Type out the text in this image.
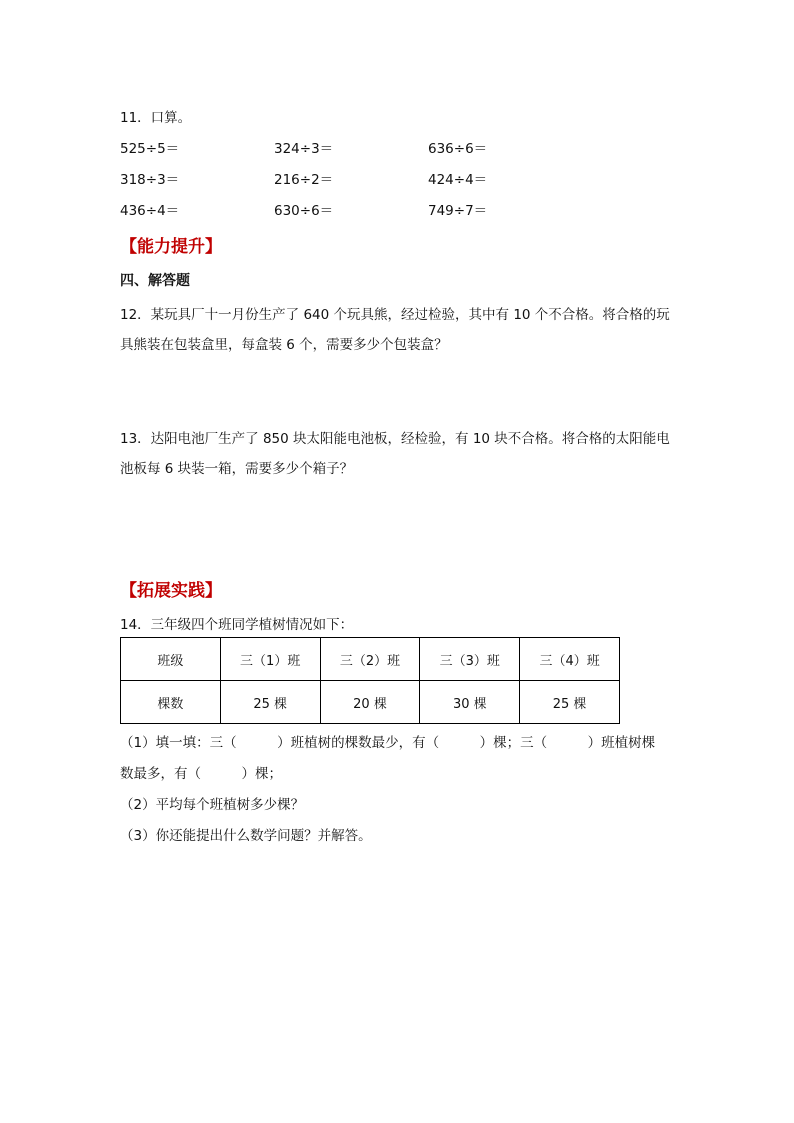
11．口算。
525÷5＝	324÷3＝	636÷6＝
318÷3＝	216÷2＝	424÷4＝
436÷4＝	630÷6＝	749÷7＝
【能力提升】
四、解答题
12．某玩具厂十一月份生产了 640 个玩具熊，经过检验，其中有 10 个不合格。将合格的玩
具熊装在包装盒里，每盒装 6 个，需要多少个包装盒？
13．达阳电池厂生产了 850 块太阳能电池板，经检验，有 10 块不合格。将合格的太阳能电
池板每 6 块装一箱，需要多少个箱子？
【拓展实践】
14．三年级四个班同学植树情况如下：
班级	三（1）班	三（2）班	三（3）班	三（4）班
棵数	25 棵	20 棵	30 棵	25 棵
（1）填一填：三（　　　）班植树的棵数最少，有（　　　）棵；三（　　　）班植树棵
数最多，有（　　　）棵；
（2）平均每个班植树多少棵？
（3）你还能提出什么数学问题？并解答。
